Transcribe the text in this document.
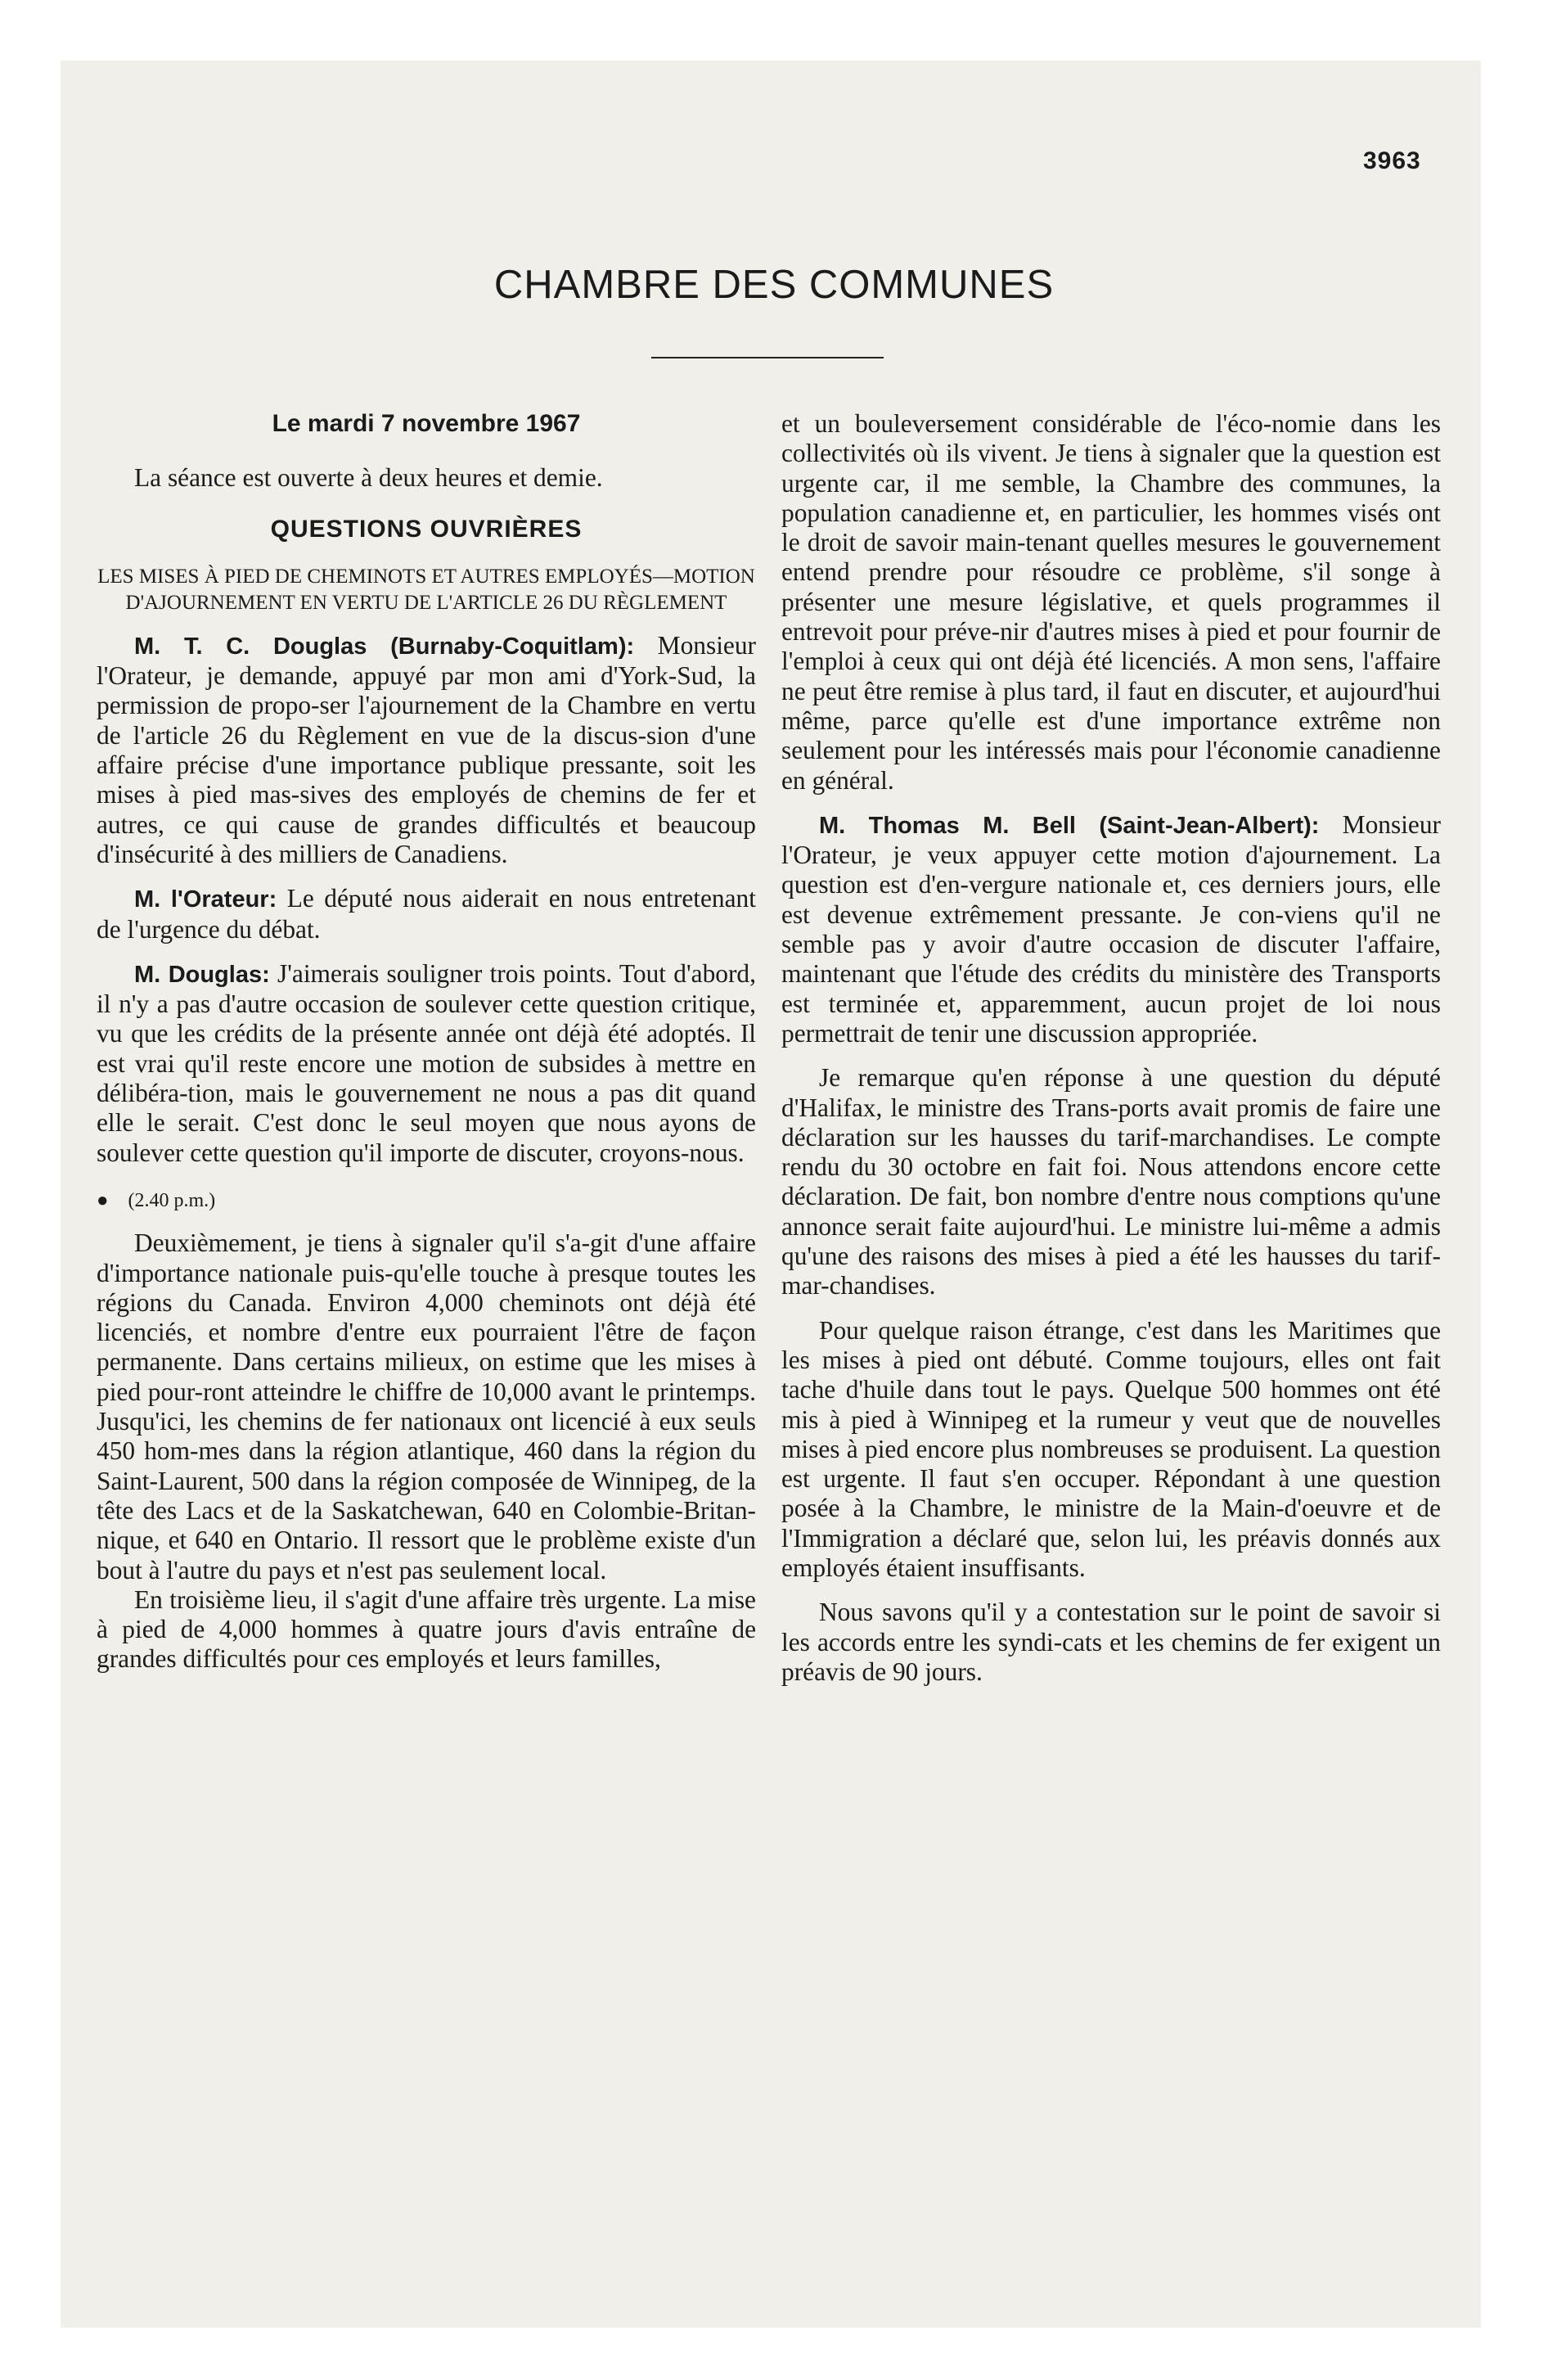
3963
CHAMBRE DES COMMUNES

Le mardi 7 novembre 1967

La séance est ouverte à deux heures et demie.

QUESTIONS OUVRIÈRES

LES MISES À PIED DE CHEMINOTS ET AUTRES EMPLOYÉS—MOTION D'AJOURNEMENT EN VERTU DE L'ARTICLE 26 DU RÈGLEMENT

M. T. C. Douglas (Burnaby-Coquitlam): Monsieur l'Orateur, je demande, appuyé par mon ami d'York-Sud, la permission de propo-ser l'ajournement de la Chambre en vertu de l'article 26 du Règlement en vue de la discus-sion d'une affaire précise d'une importance publique pressante, soit les mises à pied mas-sives des employés de chemins de fer et autres, ce qui cause de grandes difficultés et beaucoup d'insécurité à des milliers de Canadiens.

M. l'Orateur: Le député nous aiderait en nous entretenant de l'urgence du débat.

M. Douglas: J'aimerais souligner trois points. Tout d'abord, il n'y a pas d'autre occasion de soulever cette question critique, vu que les crédits de la présente année ont déjà été adoptés. Il est vrai qu'il reste encore une motion de subsides à mettre en délibéra-tion, mais le gouvernement ne nous a pas dit quand elle le serait. C'est donc le seul moyen que nous ayons de soulever cette question qu'il importe de discuter, croyons-nous.

● (2.40 p.m.)

Deuxièmement, je tiens à signaler qu'il s'a-git d'une affaire d'importance nationale puis-qu'elle touche à presque toutes les régions du Canada. Environ 4,000 cheminots ont déjà été licenciés, et nombre d'entre eux pourraient l'être de façon permanente. Dans certains milieux, on estime que les mises à pied pour-ront atteindre le chiffre de 10,000 avant le printemps. Jusqu'ici, les chemins de fer nationaux ont licencié à eux seuls 450 hom-mes dans la région atlantique, 460 dans la région du Saint-Laurent, 500 dans la région composée de Winnipeg, de la tête des Lacs et de la Saskatchewan, 640 en Colombie-Britan-nique, et 640 en Ontario. Il ressort que le problème existe d'un bout à l'autre du pays et n'est pas seulement local.

En troisième lieu, il s'agit d'une affaire très urgente. La mise à pied de 4,000 hommes à quatre jours d'avis entraîne de grandes difficultés pour ces employés et leurs familles,

et un bouleversement considérable de l'éco-nomie dans les collectivités où ils vivent. Je tiens à signaler que la question est urgente car, il me semble, la Chambre des communes, la population canadienne et, en particulier, les hommes visés ont le droit de savoir main-tenant quelles mesures le gouvernement entend prendre pour résoudre ce problème, s'il songe à présenter une mesure législative, et quels programmes il entrevoit pour préve-nir d'autres mises à pied et pour fournir de l'emploi à ceux qui ont déjà été licenciés. A mon sens, l'affaire ne peut être remise à plus tard, il faut en discuter, et aujourd'hui même, parce qu'elle est d'une importance extrême non seulement pour les intéressés mais pour l'économie canadienne en général.

M. Thomas M. Bell (Saint-Jean-Albert): Monsieur l'Orateur, je veux appuyer cette motion d'ajournement. La question est d'en-vergure nationale et, ces derniers jours, elle est devenue extrêmement pressante. Je con-viens qu'il ne semble pas y avoir d'autre occasion de discuter l'affaire, maintenant que l'étude des crédits du ministère des Transports est terminée et, apparemment, aucun projet de loi nous permettrait de tenir une discussion appropriée.

Je remarque qu'en réponse à une question du député d'Halifax, le ministre des Trans-ports avait promis de faire une déclaration sur les hausses du tarif-marchandises. Le compte rendu du 30 octobre en fait foi. Nous attendons encore cette déclaration. De fait, bon nombre d'entre nous comptions qu'une annonce serait faite aujourd'hui. Le ministre lui-même a admis qu'une des raisons des mises à pied a été les hausses du tarif-mar-chandises.

Pour quelque raison étrange, c'est dans les Maritimes que les mises à pied ont débuté. Comme toujours, elles ont fait tache d'huile dans tout le pays. Quelque 500 hommes ont été mis à pied à Winnipeg et la rumeur y veut que de nouvelles mises à pied encore plus nombreuses se produisent. La question est urgente. Il faut s'en occuper. Répondant à une question posée à la Chambre, le ministre de la Main-d'oeuvre et de l'Immigration a déclaré que, selon lui, les préavis donnés aux employés étaient insuffisants.

Nous savons qu'il y a contestation sur le point de savoir si les accords entre les syndi-cats et les chemins de fer exigent un préavis de 90 jours.
